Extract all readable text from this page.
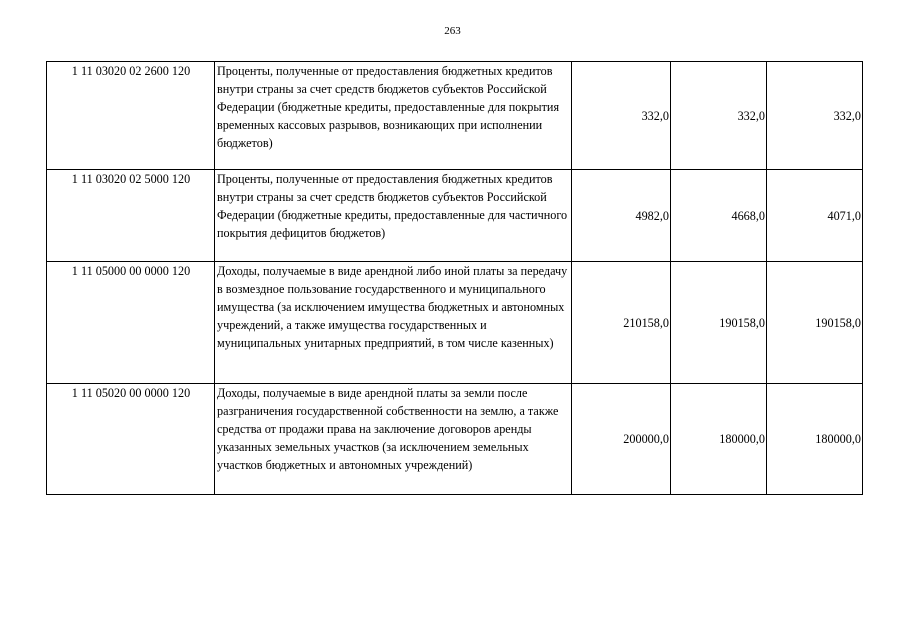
263
1 11 03020 02 2600 120	Проценты, полученные от предоставления бюджетных кредитов внутри страны за счет средств бюджетов субъектов Российской Федерации (бюджетные кредиты, предоставленные для покрытия временных кассовых разрывов, возникающих при исполнении бюджетов)	332,0	332,0	332,0
1 11 03020 02 5000 120	Проценты, полученные от предоставления бюджетных кредитов внутри страны за счет средств бюджетов субъектов Российской Федерации (бюджетные кредиты, предоставленные для частичного покрытия дефицитов бюджетов)	4982,0	4668,0	4071,0
1 11 05000 00 0000 120	Доходы, получаемые в виде арендной либо иной платы за передачу в возмездное пользование государственного и муниципального имущества (за исключением имущества бюджетных и автономных учреждений, а также имущества государственных и муниципальных унитарных предприятий, в том числе казенных)	210158,0	190158,0	190158,0
1 11 05020 00 0000 120	Доходы, получаемые в виде арендной платы за земли после разграничения государственной собственности на землю, а также средства от продажи права на заключение договоров аренды указанных земельных участков (за исключением земельных участков бюджетных и автономных учреждений)	200000,0	180000,0	180000,0
